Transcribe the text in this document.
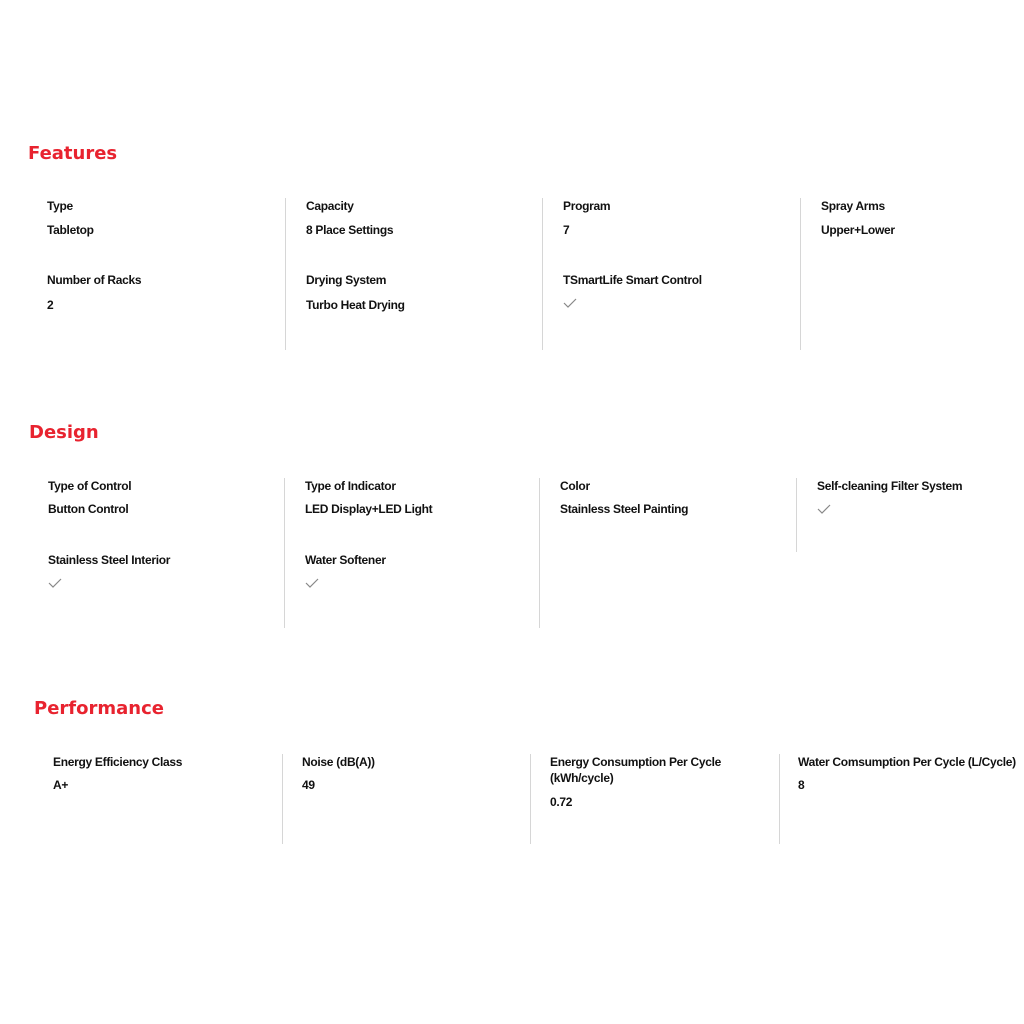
Features
Type
Tabletop
Number of Racks
2
Capacity
8 Place Settings
Drying System
Turbo Heat Drying
Program
7
TSmartLife Smart Control
Spray Arms
Upper+Lower
Design
Type of Control
Button Control
Stainless Steel Interior
Type of Indicator
LED Display+LED Light
Water Softener
Color
Stainless Steel Painting
Self-cleaning Filter System
Performance
Energy Efficiency Class
A+
Noise (dB(A))
49
Energy Consumption Per Cycle (kWh/cycle)
0.72
Water Comsumption Per Cycle (L/Cycle)
8
